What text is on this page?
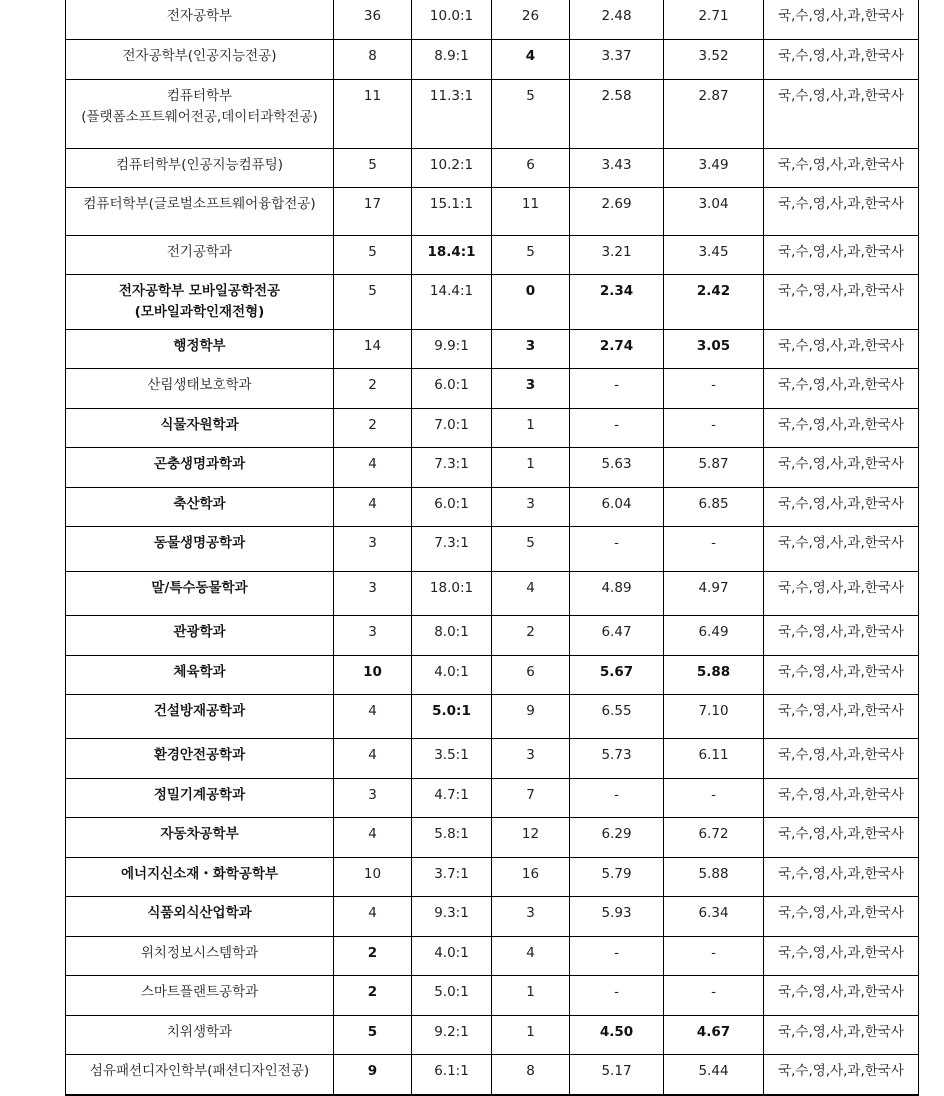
전자공학부	36	10.0:1	26	2.48	2.71	국,수,영,사,과,한국사
전자공학부(인공지능전공)	8	8.9:1	4	3.37	3.52	국,수,영,사,과,한국사
컴퓨터학부
(플랫폼소프트웨어전공,데이터과학전공)	11	11.3:1	5	2.58	2.87	국,수,영,사,과,한국사
컴퓨터학부(인공지능컴퓨팅)	5	10.2:1	6	3.43	3.49	국,수,영,사,과,한국사
컴퓨터학부(글로벌소프트웨어융합전공)	17	15.1:1	11	2.69	3.04	국,수,영,사,과,한국사
전기공학과	5	18.4:1	5	3.21	3.45	국,수,영,사,과,한국사
전자공학부 모바일공학전공
(모바일과학인재전형)	5	14.4:1	0	2.34	2.42	국,수,영,사,과,한국사
행정학부	14	9.9:1	3	2.74	3.05	국,수,영,사,과,한국사
산림생태보호학과	2	6.0:1	3	-	-	국,수,영,사,과,한국사
식물자원학과	2	7.0:1	1	-	-	국,수,영,사,과,한국사
곤충생명과학과	4	7.3:1	1	5.63	5.87	국,수,영,사,과,한국사
축산학과	4	6.0:1	3	6.04	6.85	국,수,영,사,과,한국사
동물생명공학과	3	7.3:1	5	-	-	국,수,영,사,과,한국사
말/특수동물학과	3	18.0:1	4	4.89	4.97	국,수,영,사,과,한국사
관광학과	3	8.0:1	2	6.47	6.49	국,수,영,사,과,한국사
체육학과	10	4.0:1	6	5.67	5.88	국,수,영,사,과,한국사
건설방재공학과	4	5.0:1	9	6.55	7.10	국,수,영,사,과,한국사
환경안전공학과	4	3.5:1	3	5.73	6.11	국,수,영,사,과,한국사
정밀기계공학과	3	4.7:1	7	-	-	국,수,영,사,과,한국사
자동차공학부	4	5.8:1	12	6.29	6.72	국,수,영,사,과,한국사
에너지신소재・화학공학부	10	3.7:1	16	5.79	5.88	국,수,영,사,과,한국사
식품외식산업학과	4	9.3:1	3	5.93	6.34	국,수,영,사,과,한국사
위치정보시스템학과	2	4.0:1	4	-	-	국,수,영,사,과,한국사
스마트플랜트공학과	2	5.0:1	1	-	-	국,수,영,사,과,한국사
치위생학과	5	9.2:1	1	4.50	4.67	국,수,영,사,과,한국사
섬유패션디자인학부(패션디자인전공)	9	6.1:1	8	5.17	5.44	국,수,영,사,과,한국사
